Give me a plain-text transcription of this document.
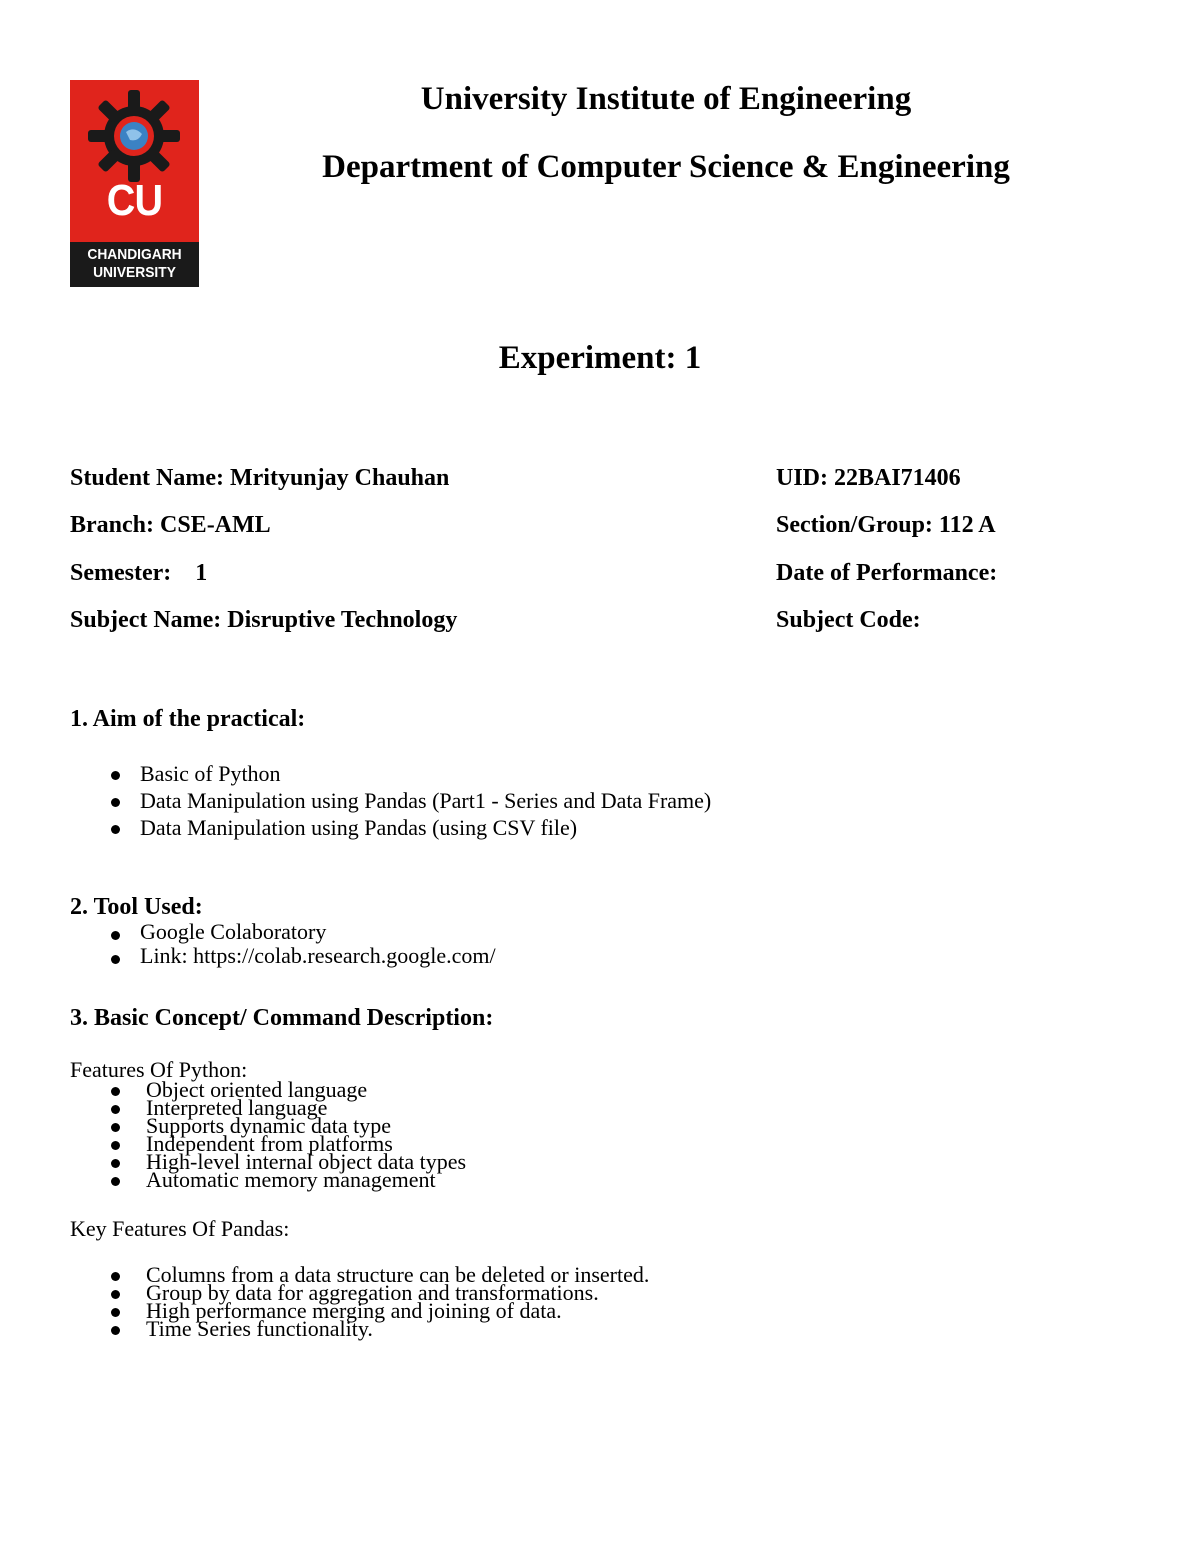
CU
CHANDIGARH
UNIVERSITY
University Institute of Engineering
Department of Computer Science & Engineering
Experiment: 1
Student Name: Mrityunjay Chauhan	UID: 22BAI71406
Branch: CSE-AML	Section/Group: 112 A
Semester:    1	Date of Performance:
Subject Name: Disruptive Technology	Subject Code:
1. Aim of the practical:
Basic of Python
Data Manipulation using Pandas (Part1 - Series and Data Frame)
Data Manipulation using Pandas (using CSV file)
2. Tool Used:
Google Colaboratory
Link: https://colab.research.google.com/
3. Basic Concept/ Command Description:
Features Of Python:
Object oriented language
Interpreted language
Supports dynamic data type
Independent from platforms
High-level internal object data types
Automatic memory management
Key Features Of Pandas:
Columns from a data structure can be deleted or inserted.
Group by data for aggregation and transformations.
High performance merging and joining of data.
Time Series functionality.
